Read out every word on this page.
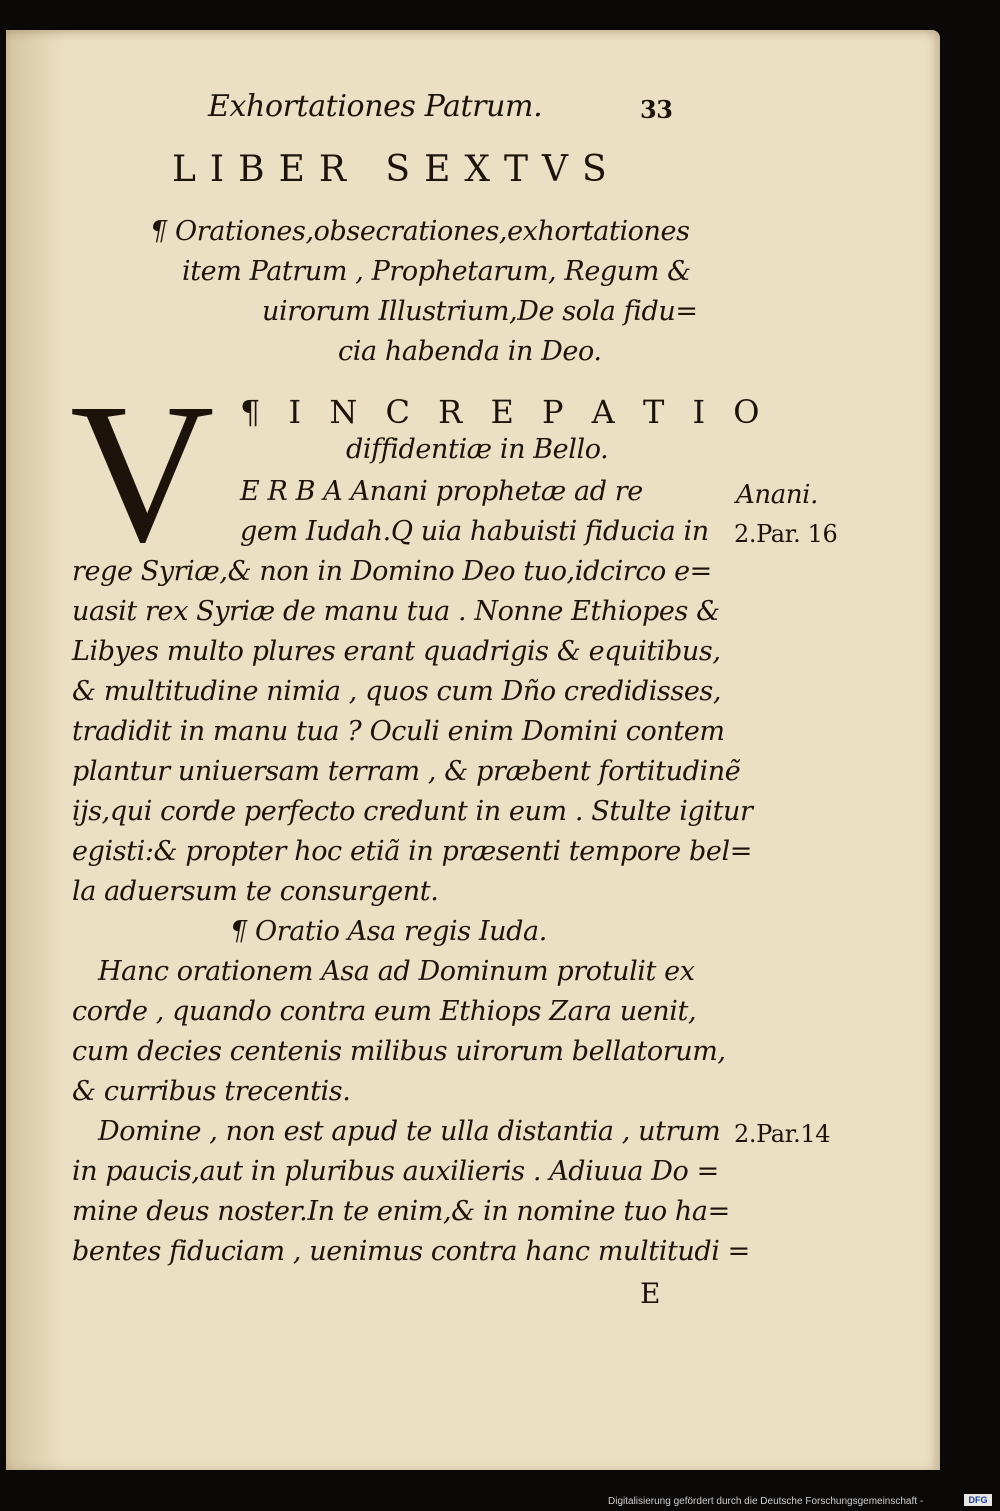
Exhortationes Patrum.	33
LIBER SEXTVS
¶ Orationes,obsecrationes,exhortationes
item Patrum , Prophetarum, Regum &
uirorum Illustrium,De sola fidu=
cia habenda in Deo.
V ¶ I N C R E P A T I O
diffidentiæ in Bello.
E R B A Anani prophetæ ad re
gem Iudah.Q uia habuisti fiducia in
rege Syriæ,& non in Domino Deo tuo,idcirco e=
uasit rex Syriæ de manu tua . Nonne Ethiopes &
Libyes multo plures erant quadrigis & equitibus,
& multitudine nimia , quos cum Dño credidisses,
tradidit in manu tua ? Oculi enim Domini contem
plantur uniuersam terram , & præbent fortitudinẽ
ijs,qui corde perfecto credunt in eum . Stulte igitur
egisti:& propter hoc etiã in præsenti tempore bel=
la aduersum te consurgent.
¶ Oratio Asa regis Iuda.
Hanc orationem Asa ad Dominum protulit ex
corde , quando contra eum Ethiops Zara uenit,
cum decies centenis milibus uirorum bellatorum,
& curribus trecentis.
Domine , non est apud te ulla distantia , utrum
in paucis,aut in pluribus auxilieris . Adiuua Do =
mine deus noster.In te enim,& in nomine tuo ha=
bentes fiduciam , uenimus contra hanc multitudi =
Anani.
2.Par. 16
2.Par.14
E
Digitalisierung gefördert durch die Deutsche Forschungsgemeinschaft -	DFG
